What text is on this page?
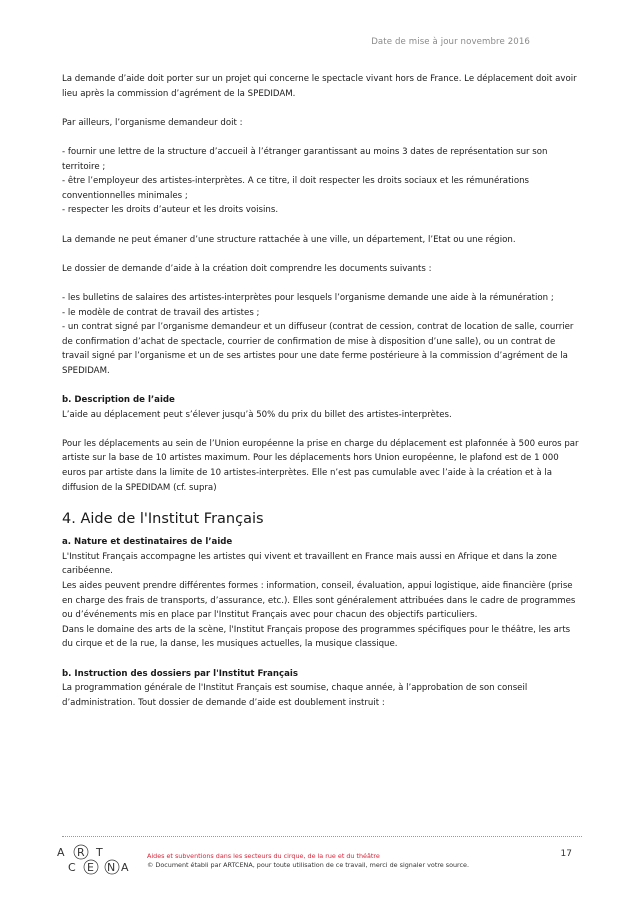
Date de mise à jour novembre 2016

La demande d’aide doit porter sur un projet qui concerne le spectacle vivant hors de France. Le déplacement doit avoir lieu après la commission d’agrément de la SPEDIDAM.

Par ailleurs, l’organisme demandeur doit :

- fournir une lettre de la structure d’accueil à l’étranger garantissant au moins 3 dates de représentation sur son territoire ;

- être l’employeur des artistes-interprètes. A ce titre, il doit respecter les droits sociaux et les rémunérations conventionnelles minimales ;

- respecter les droits d’auteur et les droits voisins.

La demande ne peut émaner d’une structure rattachée à une ville, un département, l’Etat ou une région.

Le dossier de demande d’aide à la création doit comprendre les documents suivants :

- les bulletins de salaires des artistes-interprètes pour lesquels l’organisme demande une aide à la rémunération ;

- le modèle de contrat de travail des artistes ;

- un contrat signé par l’organisme demandeur et un diffuseur (contrat de cession, contrat de location de salle, courrier de confirmation d’achat de spectacle, courrier de confirmation de mise à disposition d’une salle), ou un contrat de travail signé par l’organisme et un de ses artistes pour une date ferme postérieure à la commission d’agrément de la SPEDIDAM.

b. Description de l’aide

L’aide au déplacement peut s’élever jusqu’à 50% du prix du billet des artistes-interprètes.

Pour les déplacements au sein de l’Union européenne la prise en charge du déplacement est plafonnée à 500 euros par artiste sur la base de 10 artistes maximum. Pour les déplacements hors Union européenne, le plafond est de 1 000 euros par artiste dans la limite de 10 artistes-interprètes. Elle n’est pas cumulable avec l’aide à la création et à la diffusion de la SPEDIDAM (cf. supra)

4. Aide de l'Institut Français

a. Nature et destinataires de l’aide

L'Institut Français accompagne les artistes qui vivent et travaillent en France mais aussi en Afrique et dans la zone caribéenne.

Les aides peuvent prendre différentes formes : information, conseil, évaluation, appui logistique, aide financière (prise en charge des frais de transports, d’assurance, etc.). Elles sont généralement attribuées dans le cadre de programmes ou d’événements mis en place par l'Institut Français avec pour chacun des objectifs particuliers.

Dans le domaine des arts de la scène, l'Institut Français propose des programmes spécifiques pour le théâtre, les arts du cirque et de la rue, la danse, les musiques actuelles, la musique classique.

b. Instruction des dossiers par l'Institut Français

La programmation générale de l'Institut Français est soumise, chaque année, à l’approbation de son conseil d’administration. Tout dossier de demande d’aide est doublement instruit :

A R T
C E N A
Aides et subventions dans les secteurs du cirque, de la rue et du théâtre
© Document établi par ARTCENA, pour toute utilisation de ce travail, merci de signaler votre source.
17
